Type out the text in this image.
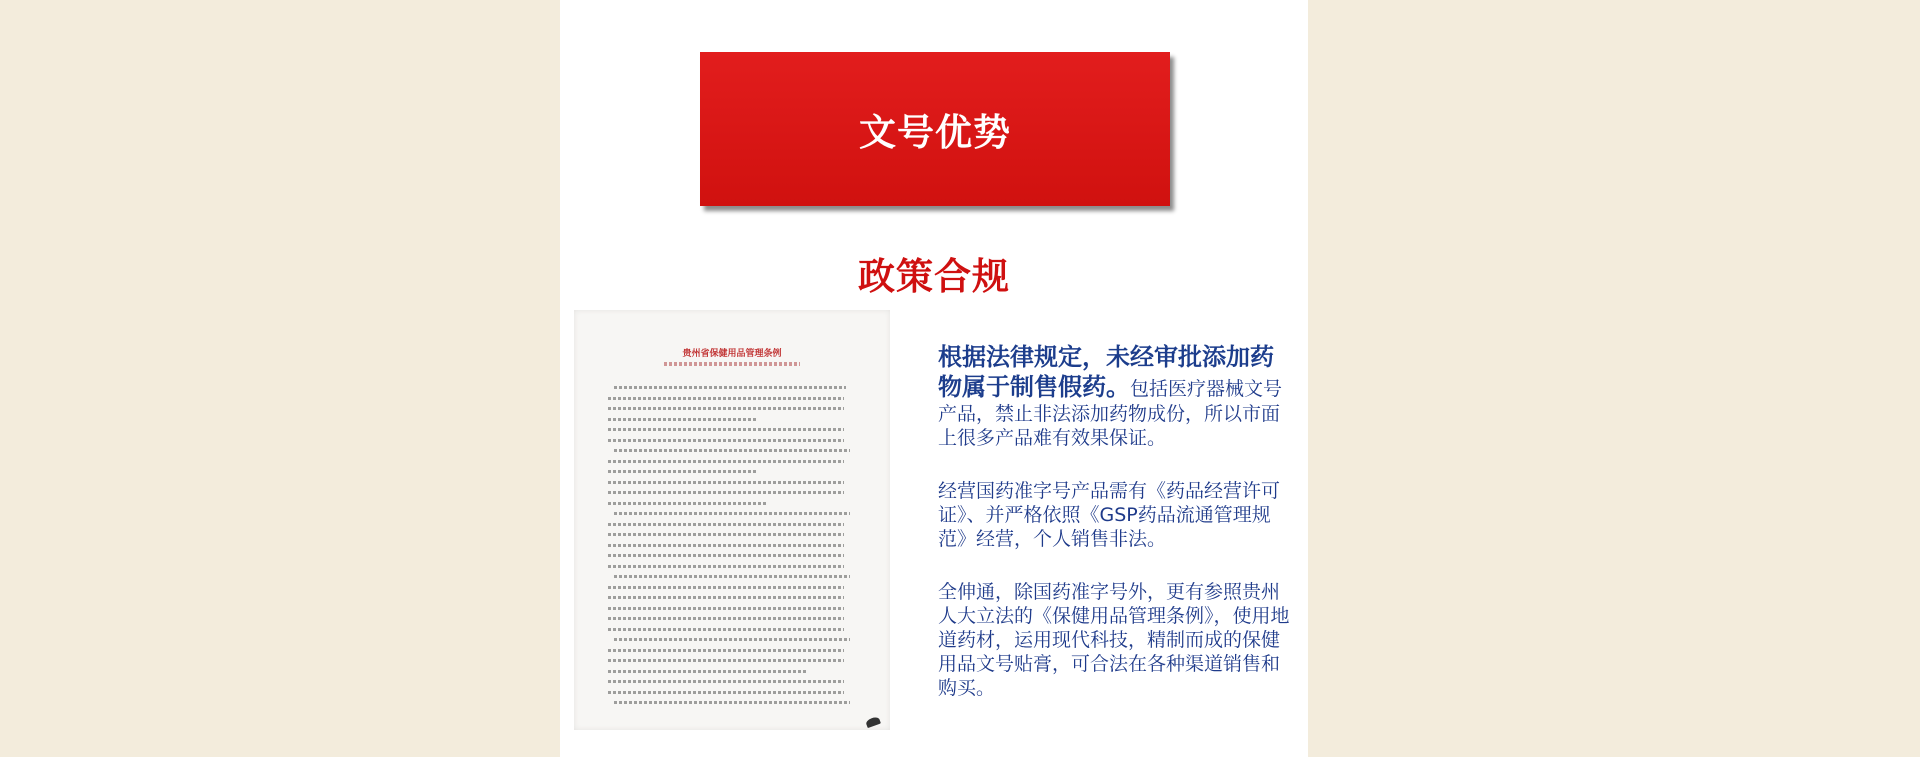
文号优势
政策合规
贵州省保健用品管理条例	根据法律规定，未经审批添加药物属于制售假药。包括医疗器械文号产品，禁止非法添加药物成份，所以市面上很多产品难有效果保证。

经营国药准字号产品需有《药品经营许可证》、并严格依照《GSP药品流通管理规范》经营，个人销售非法。

全伸通，除国药准字号外，更有参照贵州人大立法的《保健用品管理条例》，使用地道药材，运用现代科技，精制而成的保健用品文号贴膏，可合法在各种渠道销售和购买。
